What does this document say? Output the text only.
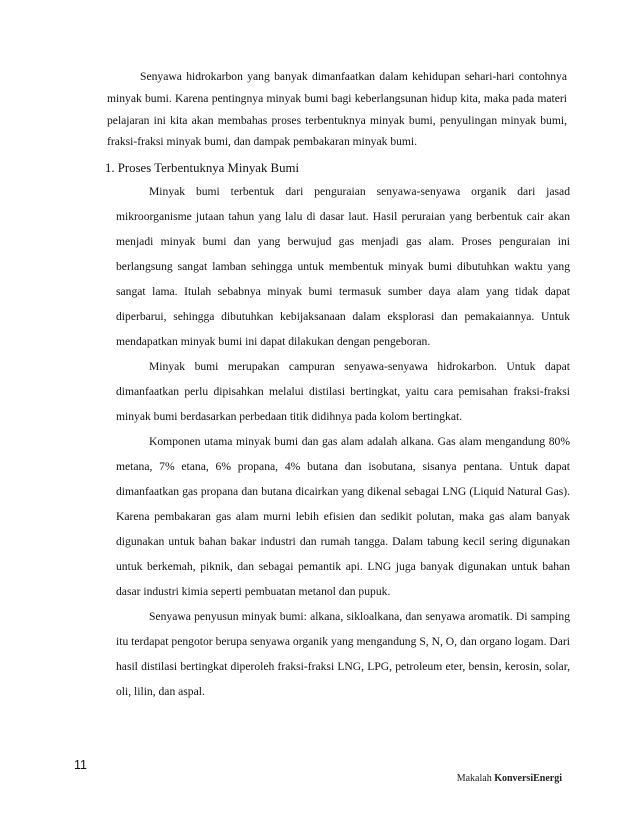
Senyawa hidrokarbon yang banyak dimanfaatkan dalam kehidupan sehari-hari contohnya minyak bumi. Karena pentingnya minyak bumi bagi keberlangsunan hidup kita, maka pada materi pelajaran ini kita akan membahas proses terbentuknya minyak bumi, penyulingan minyak bumi, fraksi-fraksi minyak bumi, dan dampak pembakaran minyak bumi.

1. Proses Terbentuknya Minyak Bumi

Minyak bumi terbentuk dari penguraian senyawa-senyawa organik dari jasad mikroorganisme jutaan tahun yang lalu di dasar laut. Hasil peruraian yang berbentuk cair akan menjadi minyak bumi dan yang berwujud gas menjadi gas alam. Proses penguraian ini berlangsung sangat lamban sehingga untuk membentuk minyak bumi dibutuhkan waktu yang sangat lama. Itulah sebabnya minyak bumi termasuk sumber daya alam yang tidak dapat diperbarui, sehingga dibutuhkan kebijaksanaan dalam eksplorasi dan pemakaiannya. Untuk mendapatkan minyak bumi ini dapat dilakukan dengan pengeboran.

Minyak bumi merupakan campuran senyawa-senyawa hidrokarbon. Untuk dapat dimanfaatkan perlu dipisahkan melalui distilasi bertingkat, yaitu cara pemisahan fraksi-fraksi minyak bumi berdasarkan perbedaan titik didihnya pada kolom bertingkat.

Komponen utama minyak bumi dan gas alam adalah alkana. Gas alam mengandung 80% metana, 7% etana, 6% propana, 4% butana dan isobutana, sisanya pentana. Untuk dapat dimanfaatkan gas propana dan butana dicairkan yang dikenal sebagai LNG (Liquid Natural Gas). Karena pembakaran gas alam murni lebih efisien dan sedikit polutan, maka gas alam banyak digunakan untuk bahan bakar industri dan rumah tangga. Dalam tabung kecil sering digunakan untuk berkemah, piknik, dan sebagai pemantik api. LNG juga banyak digunakan untuk bahan dasar industri kimia seperti pembuatan metanol dan pupuk.

Senyawa penyusun minyak bumi: alkana, sikloalkana, dan senyawa aromatik. Di samping itu terdapat pengotor berupa senyawa organik yang mengandung S, N, O, dan organo logam. Dari hasil distilasi bertingkat diperoleh fraksi-fraksi LNG, LPG, petroleum eter, bensin, kerosin, solar, oli, lilin, dan aspal.

11
Makalah KonversiEnergi
